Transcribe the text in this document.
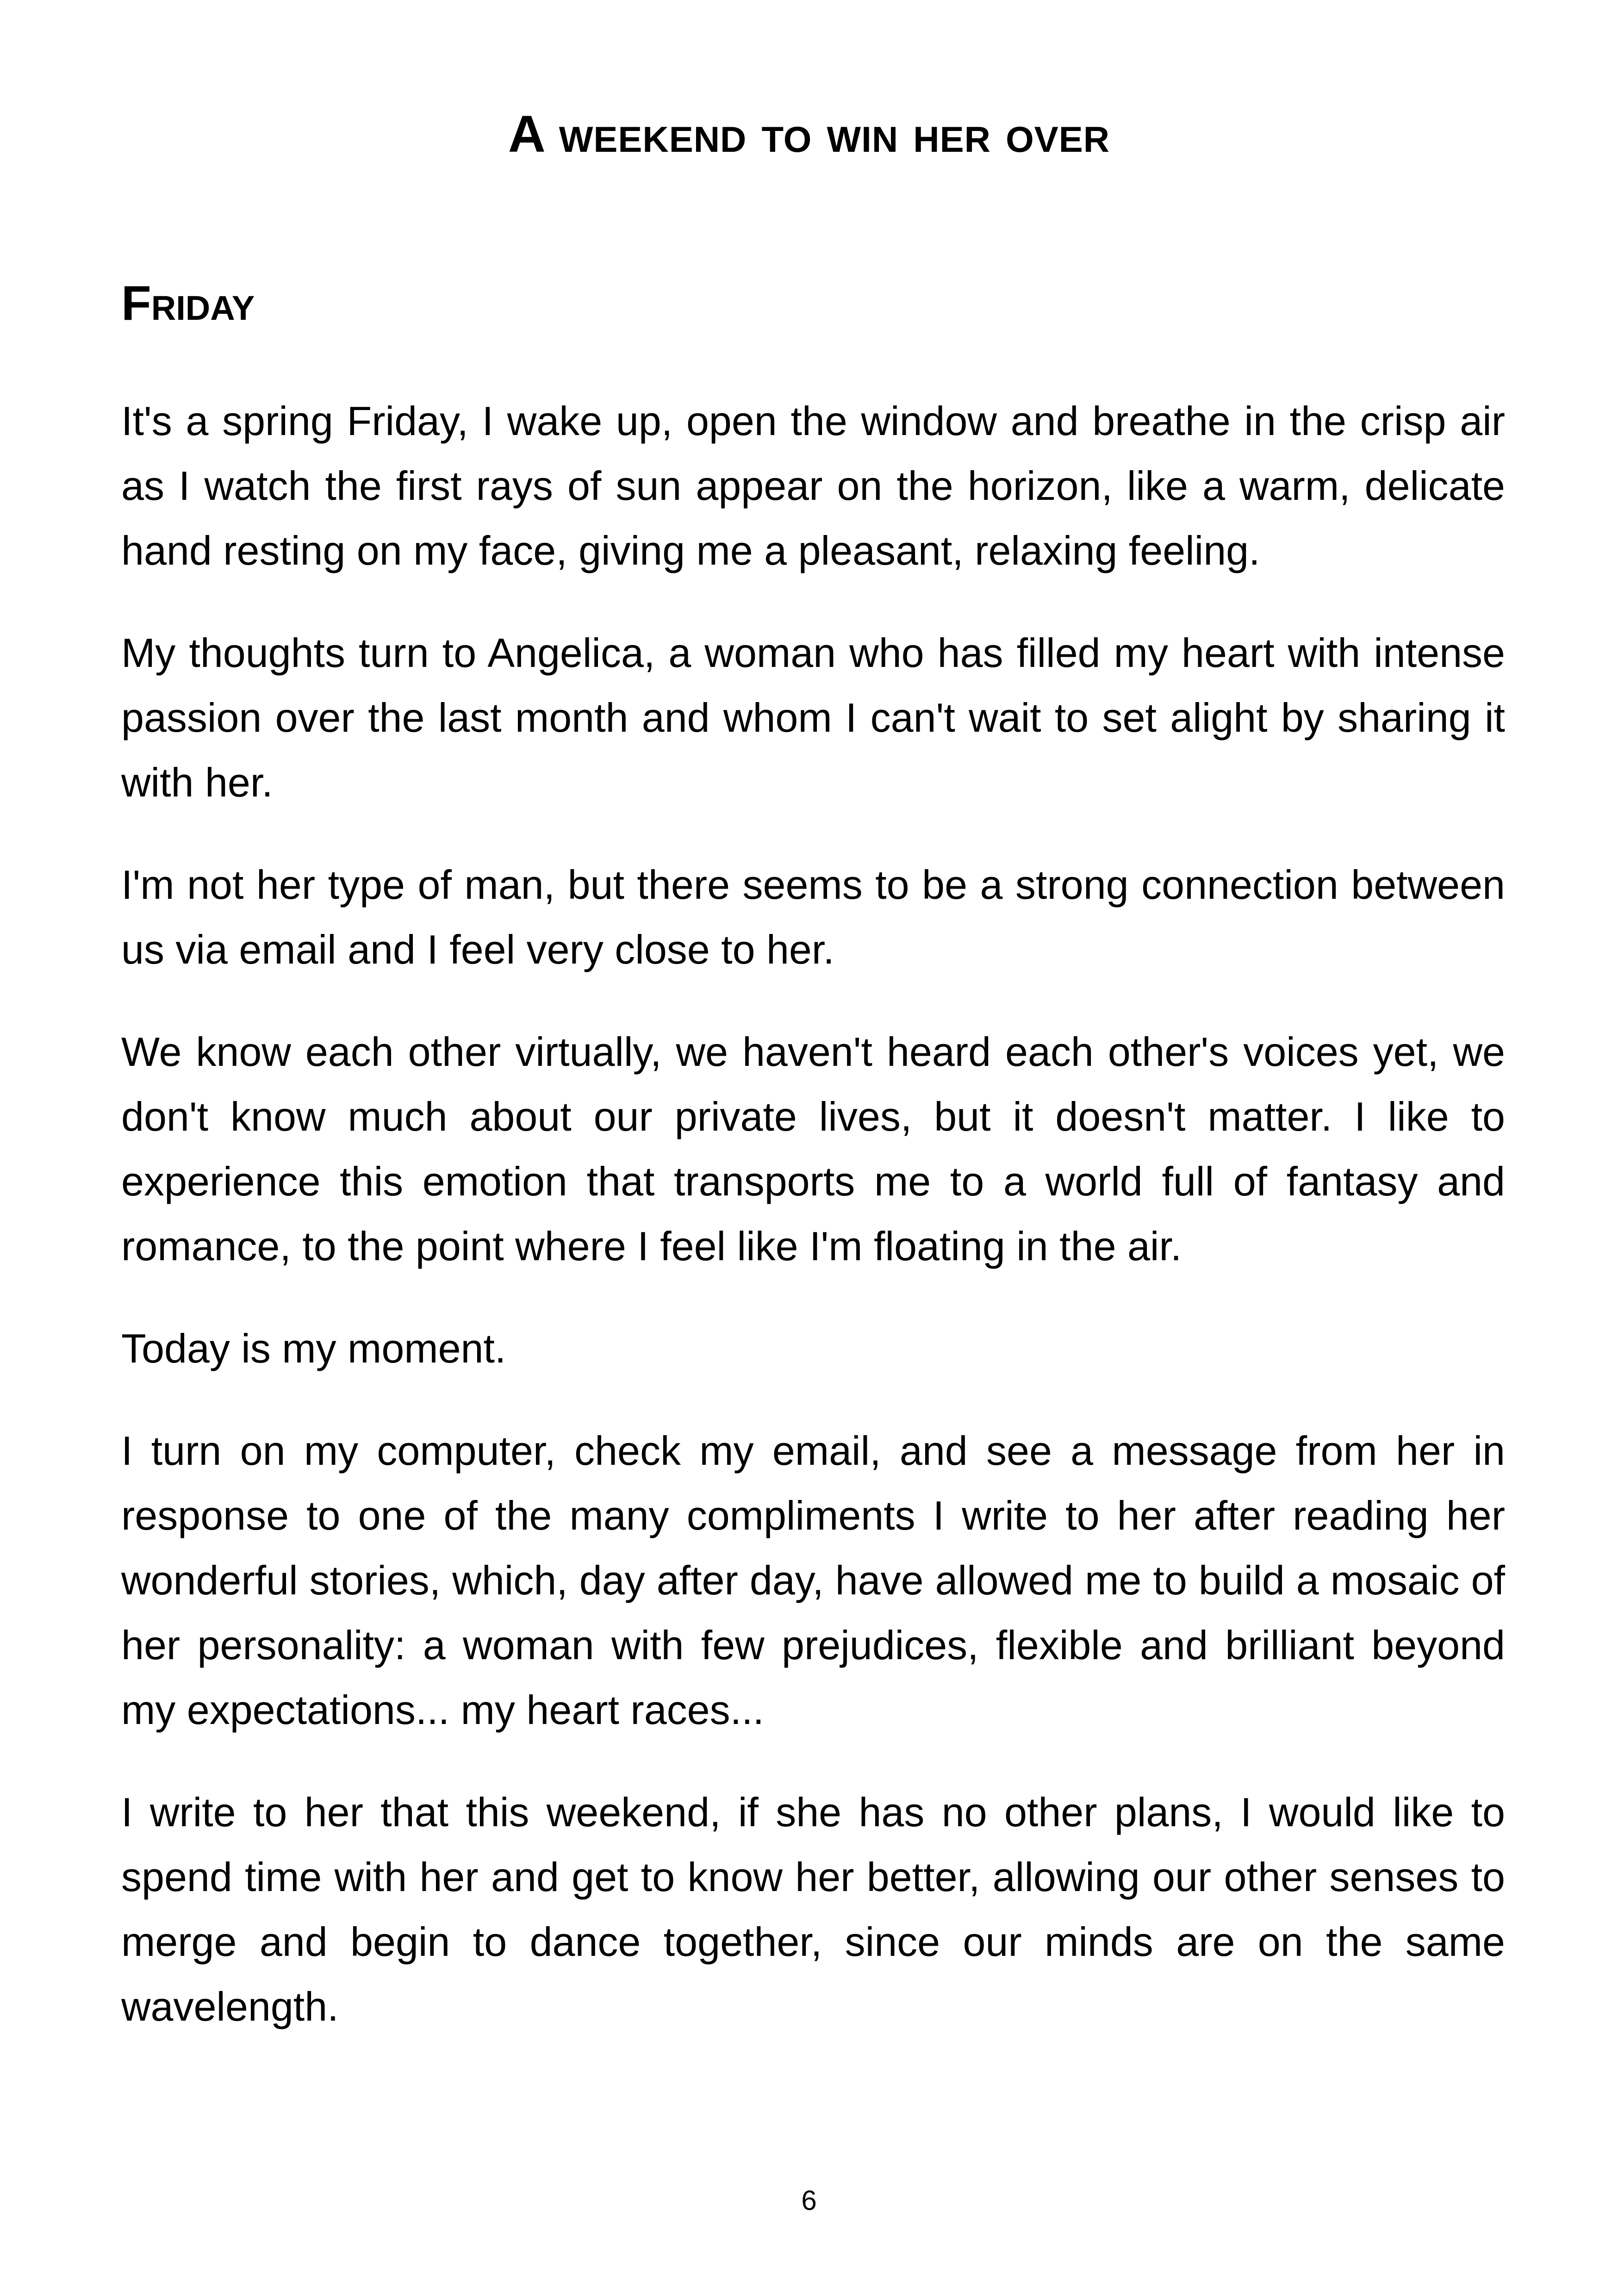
A weekend to win her over
Friday

It's a spring Friday, I wake up, open the window and breathe in the crisp air as I watch the first rays of sun appear on the horizon, like a warm, delicate hand resting on my face, giving me a pleasant, relaxing feeling.

My thoughts turn to Angelica, a woman who has filled my heart with intense passion over the last month and whom I can't wait to set alight by sharing it with her.

I'm not her type of man, but there seems to be a strong connection between us via email and I feel very close to her.

We know each other virtually, we haven't heard each other's voices yet, we don't know much about our private lives, but it doesn't matter. I like to experience this emotion that transports me to a world full of fantasy and romance, to the point where I feel like I'm floating in the air.

Today is my moment.

I turn on my computer, check my email, and see a message from her in response to one of the many compliments I write to her after reading her wonderful stories, which, day after day, have allowed me to build a mosaic of her personality: a woman with few prejudices, flexible and brilliant beyond my expectations... my heart races...

I write to her that this weekend, if she has no other plans, I would like to spend time with her and get to know her better, allowing our other senses to merge and begin to dance together, since our minds are on the same wavelength.

6
